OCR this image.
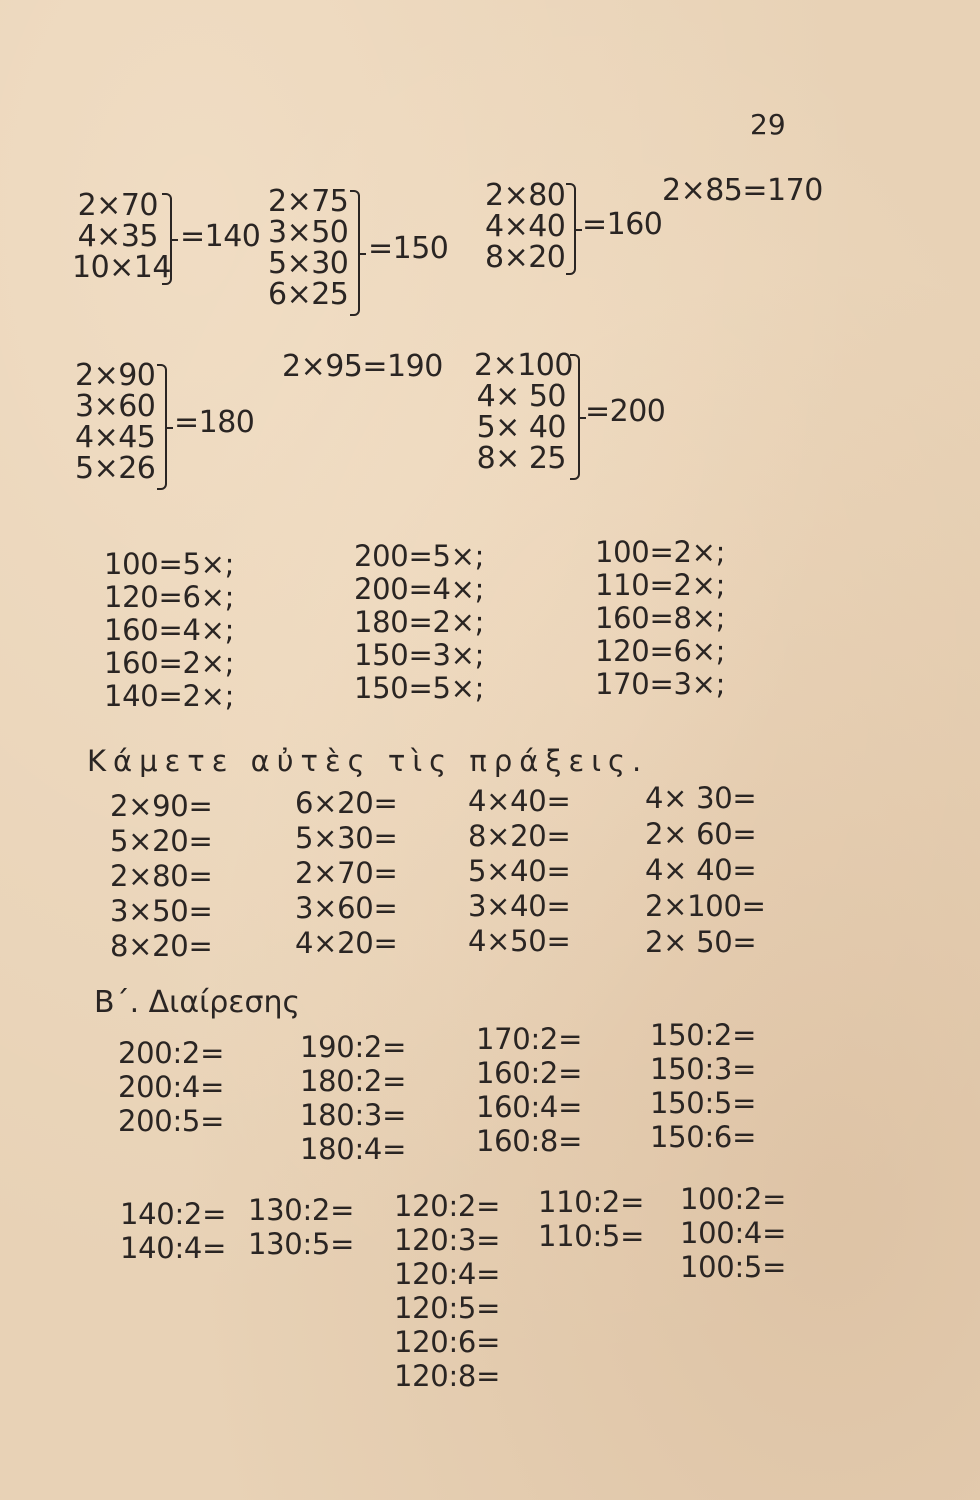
29
2×70
4×35
10×14
=140
2×75
3×50
5×30
6×25
=150
2×80
4×40
8×20
=160
2×85=170
2×90
3×60
4×45
5×26
=180
2×95=190 2×100
4× 50
5× 40
8× 25
=200
100=5×;
120=6×;
160=4×;
160=2×;
140=2×;
200=5×;
200=4×;
180=2×;
150=3×;
150=5×;
100=2×;
110=2×;
160=8×;
120=6×;
170=3×;
Κάμετε αὐτὲς τὶς πράξεις.
2×90=
5×20=
2×80=
3×50=
8×20=
6×20=
5×30=
2×70=
3×60=
4×20=
4×40=
8×20=
5×40=
3×40=
4×50=
4× 30=
2× 60=
4× 40=
2×100=
2× 50=
Β΄. Διαίρεσης
200:2=
200:4=
200:5=
190:2=
180:2=
180:3=
180:4=
170:2=
160:2=
160:4=
160:8=
150:2=
150:3=
150:5=
150:6=
140:2=
140:4=
130:2=
130:5=
120:2=
120:3=
120:4=
120:5=
120:6=
120:8=
110:2=
110:5=
100:2=
100:4=
100:5=
